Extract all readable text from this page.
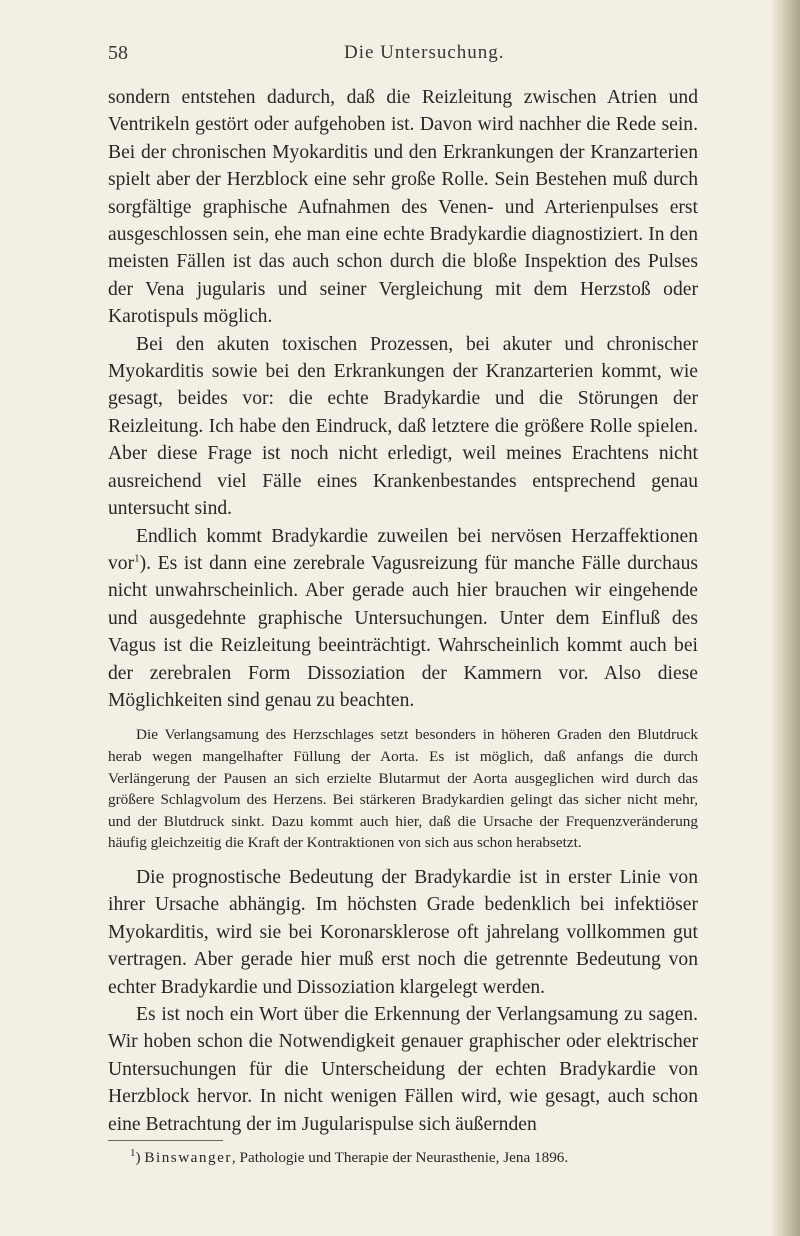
58	Die Untersuchung.

sondern entstehen dadurch, daß die Reizleitung zwischen Atrien und Ventrikeln gestört oder aufgehoben ist. Davon wird nachher die Rede sein. Bei der chronischen Myokarditis und den Erkrankungen der Kranzarterien spielt aber der Herzblock eine sehr große Rolle. Sein Bestehen muß durch sorgfältige graphische Aufnahmen des Venen- und Arterienpulses erst ausgeschlossen sein, ehe man eine echte Bradykardie diagnostiziert. In den meisten Fällen ist das auch schon durch die bloße Inspektion des Pulses der Vena jugularis und seiner Vergleichung mit dem Herzstoß oder Karotispuls möglich.

Bei den akuten toxischen Prozessen, bei akuter und chronischer Myokarditis sowie bei den Erkrankungen der Kranzarterien kommt, wie gesagt, beides vor: die echte Bradykardie und die Störungen der Reizleitung. Ich habe den Eindruck, daß letztere die größere Rolle spielen. Aber diese Frage ist noch nicht erledigt, weil meines Erachtens nicht ausreichend viel Fälle eines Krankenbestandes entsprechend genau untersucht sind.

Endlich kommt Bradykardie zuweilen bei nervösen Herzaffektionen vor$^1$). Es ist dann eine zerebrale Vagusreizung für manche Fälle durchaus nicht unwahrscheinlich. Aber gerade auch hier brauchen wir eingehende und ausgedehnte graphische Untersuchungen. Unter dem Einfluß des Vagus ist die Reizleitung beeinträchtigt. Wahrscheinlich kommt auch bei der zerebralen Form Dissoziation der Kammern vor. Also diese Möglichkeiten sind genau zu beachten.

Die Verlangsamung des Herzschlages setzt besonders in höheren Graden den Blutdruck herab wegen mangelhafter Füllung der Aorta. Es ist möglich, daß anfangs die durch Verlängerung der Pausen an sich erzielte Blutarmut der Aorta ausgeglichen wird durch das größere Schlagvolum des Herzens. Bei stärkeren Bradykardien gelingt das sicher nicht mehr, und der Blutdruck sinkt. Dazu kommt auch hier, daß die Ursache der Frequenzveränderung häufig gleichzeitig die Kraft der Kontraktionen von sich aus schon herabsetzt.

Die prognostische Bedeutung der Bradykardie ist in erster Linie von ihrer Ursache abhängig. Im höchsten Grade bedenklich bei infektiöser Myokarditis, wird sie bei Koronarsklerose oft jahrelang vollkommen gut vertragen. Aber gerade hier muß erst noch die getrennte Bedeutung von echter Bradykardie und Dissoziation klargelegt werden.

Es ist noch ein Wort über die Erkennung der Verlangsamung zu sagen. Wir hoben schon die Notwendigkeit genauer graphischer oder elektrischer Untersuchungen für die Unterscheidung der echten Bradykardie von Herzblock hervor. In nicht wenigen Fällen wird, wie gesagt, auch schon eine Betrachtung der im Jugularispulse sich äußernden

$^1$) Binswanger, Pathologie und Therapie der Neurasthenie, Jena 1896.
